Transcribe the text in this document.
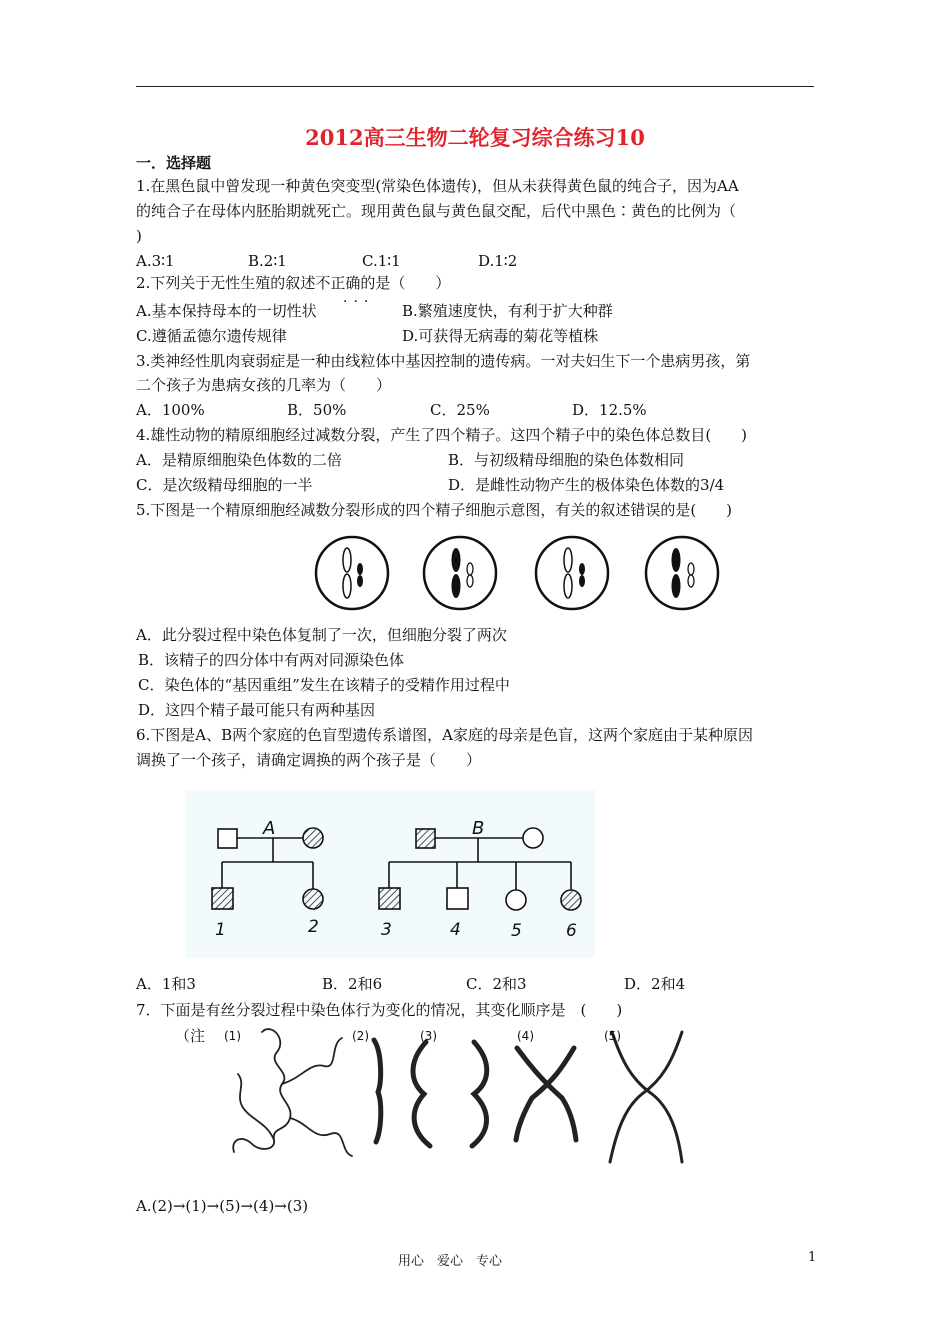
2012高三生物二轮复习综合练习10
一．选择题
1.在黑色鼠中曾发现一种黄色突变型(常染色体遗传)，但从未获得黄色鼠的纯合子，因为AA
的纯合子在母体内胚胎期就死亡。现用黄色鼠与黄色鼠交配，后代中黑色∶黄色的比例为（
)
A.3∶1	B.2∶1	C.1∶1	D.1∶2
2.下列关于无性生殖的叙述不正确的是（　　）
...
A.基本保持母本的一切性状	B.繁殖速度快，有利于扩大种群
C.遵循孟德尔遗传规律	D.可获得无病毒的菊花等植株
3.类神经性肌肉衰弱症是一种由线粒体中基因控制的遗传病。一对夫妇生下一个患病男孩，第
二个孩子为患病女孩的几率为（　　）
A．100%	B．50%	C．25%	D．12.5%
4.雄性动物的精原细胞经过减数分裂，产生了四个精子。这四个精子中的染色体总数目(　　)
A．是精原细胞染色体数的二倍	B．与初级精母细胞的染色体数相同
C．是次级精母细胞的一半	D．是雌性动物产生的极体染色体数的3/4
5.下图是一个精原细胞经减数分裂形成的四个精子细胞示意图，有关的叙述错误的是(　　)
A．此分裂过程中染色体复制了一次，但细胞分裂了两次
B．该精子的四分体中有两对同源染色体
C．染色体的“基因重组”发生在该精子的受精作用过程中
D．这四个精子最可能只有两种基因
6.下图是A、B两个家庭的色盲型遗传系谱图，A家庭的母亲是色盲，这两个家庭由于某种原因
调换了一个孩子，请确定调换的两个孩子是（　　）
A	B
1	2	3	4	5	6
A．1和3	B．2和6	C．2和3	D．2和4
7．下面是有丝分裂过程中染色体行为变化的情况，其变化顺序是　(　　)
（注 (1)	(2)	(3)	(4)	(5)
A.(2)→(1)→(5)→(4)→(3)
用心　爱心　专心	1
